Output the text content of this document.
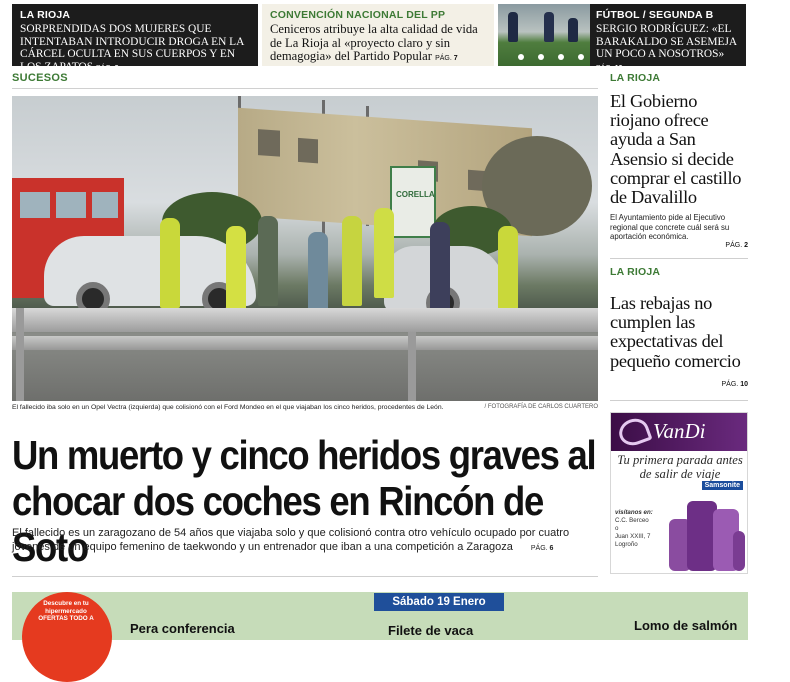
LA RIOJA
SORPRENDIDAS DOS MUJERES QUE INTENTABAN INTRODUCIR DROGA EN LA CÁRCEL OCULTA EN SUS CUERPOS Y EN LOS ZAPATOS PÁG. 8
CONVENCIÓN NACIONAL DEL PP
Ceniceros atribuye la alta calidad de vida de La Rioja al «proyecto claro y sin demagogia» del Partido Popular PÁG. 7
FÚTBOL / SEGUNDA B
SERGIO RODRÍGUEZ: «EL BARAKALDO SE ASEMEJA UN POCO A NOSOTROS» PÁG. 19
SUCESOS
CORELLA
El fallecido iba solo en un Opel Vectra (izquierda) que colisionó con el Ford Mondeo en el que viajaban los cinco heridos, procedentes de León.	/ FOTOGRAFÍA DE CARLOS CUARTERO
Un muerto y cinco heridos graves al chocar dos coches en Rincón de Soto

El fallecido es un zaragozano de 54 años que viajaba solo y que colisionó contra otro vehículo ocupado por cuatro jóvenes de un equipo femenino de taekwondo y un entrenador que iban a una competición a Zaragoza	PÁG. 6

LA RIOJA
El Gobierno riojano ofrece ayuda a San Asensio si decide comprar el castillo de Davalillo
El Ayuntamiento pide al Ejecutivo regional que concrete cuál será su aportación económica.
PÁG. 2
LA RIOJA
Las rebajas no cumplen las expectativas del pequeño comercio
PÁG. 10
VanDi
Tu primera parada antes de salir de viaje
Samsonite
visítanos en:
C.C. Berceo
o
Juan XXIII, 7
Logroño
Descubre en tu hipermercado OFERTAS TODO A
Sábado 19 Enero
Pera conferencia	Filete de vaca	Lomo de salmón
